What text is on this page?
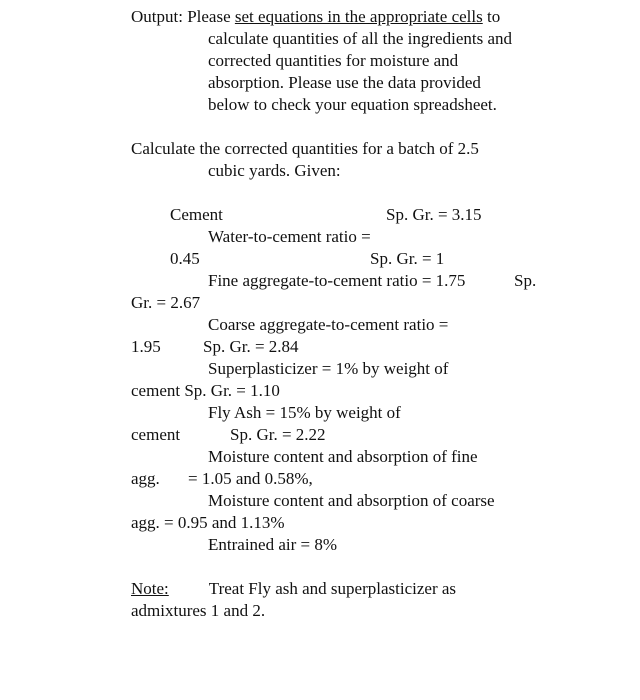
Output: Please set equations in the appropriate cells to
calculate quantities of all the ingredients and
corrected quantities for moisture and
absorption. Please use the data provided
below to check your equation spreadsheet.
Calculate the corrected quantities for a batch of 2.5
cubic yards. Given:
Cement	Sp. Gr. = 3.15
Water-to-cement ratio =
0.45	Sp. Gr. = 1
Fine aggregate-to-cement ratio = 1.75	Sp.
Gr. = 2.67
Coarse aggregate-to-cement ratio =
1.95 Sp. Gr. = 2.84
Superplasticizer = 1% by weight of
cement Sp. Gr. = 1.10
Fly Ash = 15% by weight of
cement	Sp. Gr. = 2.22
Moisture content and absorption of fine
agg. = 1.05 and 0.58%,
Moisture content and absorption of coarse
agg. = 0.95 and 1.13%
Entrained air = 8%
Note: Treat Fly ash and superplasticizer as
admixtures 1 and 2.
